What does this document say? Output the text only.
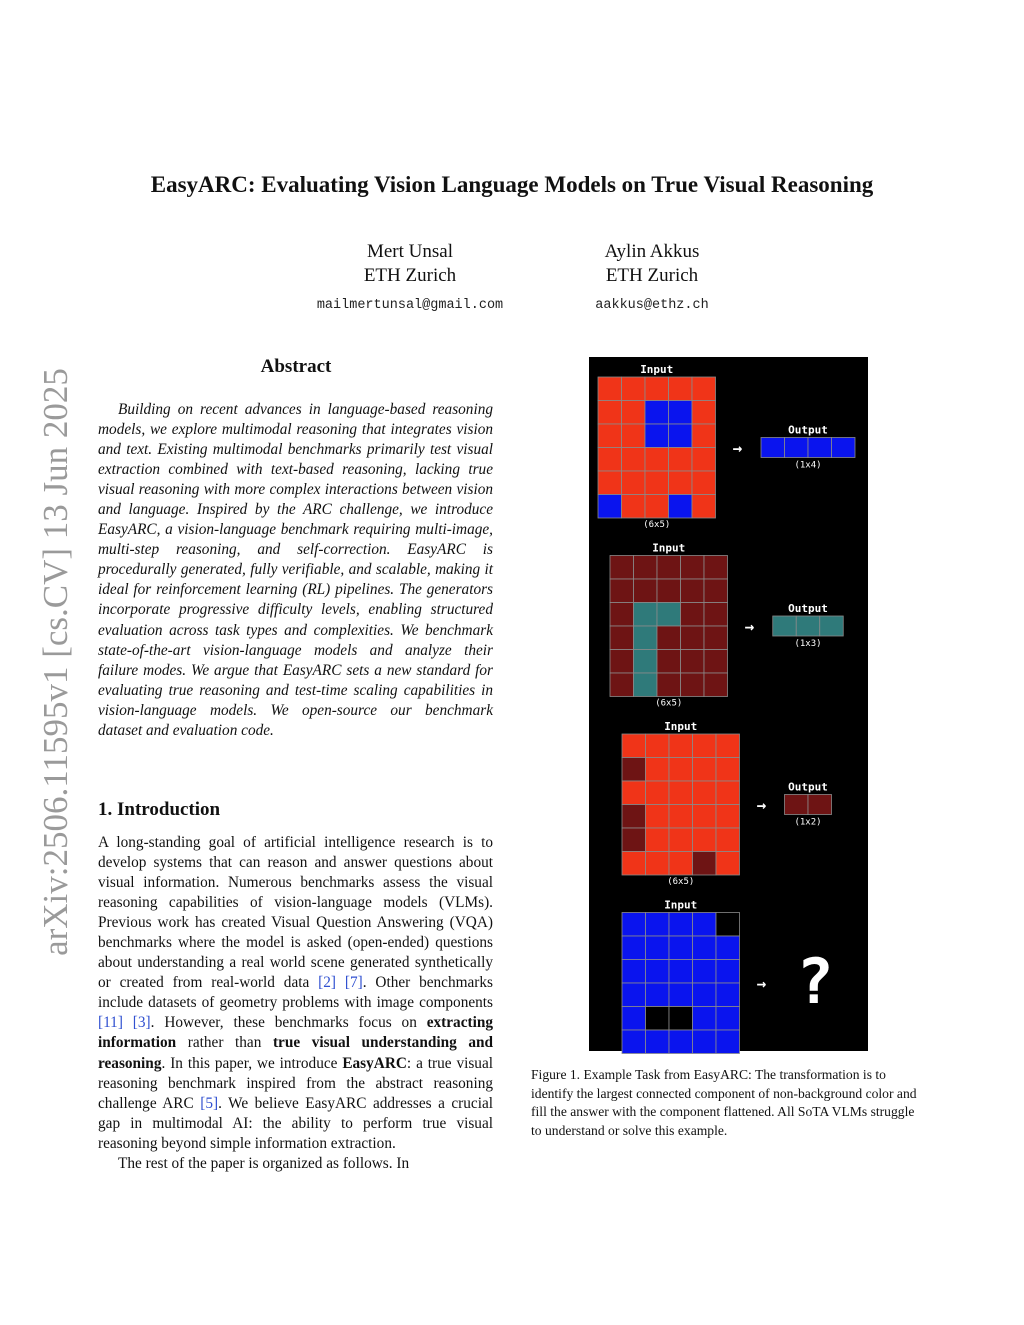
EasyARC: Evaluating Vision Language Models on True Visual Reasoning
Mert Unsal
ETH Zurich
mailmertunsal@gmail.com
Aylin Akkus
ETH Zurich
aakkus@ethz.ch
arXiv:2506.11595v1 [cs.CV] 13 Jun 2025
Abstract
Building on recent advances in language-based reasoning models, we explore multimodal reasoning that integrates vision and text. Existing multimodal benchmarks primarily test visual extraction combined with text-based reasoning, lacking true visual reasoning with more complex interactions between vision and language. Inspired by the ARC challenge, we introduce EasyARC, a vision-language benchmark requiring multi-image, multi-step reasoning, and self-correction. EasyARC is procedurally generated, fully verifiable, and scalable, making it ideal for reinforcement learning (RL) pipelines. The generators incorporate progressive difficulty levels, enabling structured evaluation across task types and complexities. We benchmark state-of-the-art vision-language models and analyze their failure modes. We argue that EasyARC sets a new standard for evaluating true reasoning and test-time scaling capabilities in vision-language models. We open-source our benchmark dataset and evaluation code.
1. Introduction

A long-standing goal of artificial intelligence research is to develop systems that can reason and answer questions about visual information. Numerous benchmarks assess the visual reasoning capabilities of vision-language models (VLMs). Previous work has created Visual Question Answering (VQA) benchmarks where the model is asked (open-ended) questions about understanding a real world scene generated synthetically or created from real-world data [2] [7]. Other benchmarks include datasets of geometry problems with image components [11] [3]. However, these benchmarks focus on extracting information rather than true visual understanding and reasoning. In this paper, we introduce EasyARC: a true visual reasoning benchmark inspired from the abstract reasoning challenge ARC [5]. We believe EasyARC addresses a crucial gap in multimodal AI: the ability to perform true visual reasoning beyond simple information extraction.

The rest of the paper is organized as follows. In

Input
(6x5)
→
Output
(1x4)
Input
(6x5)
→
Output
(1x3)
Input
(6x5)
→
Output
(1x2)
Input
(6x5)
→ ?
Figure 1. Example Task from EasyARC: The transformation is to identify the largest connected component of non-background color and fill the answer with the component flattened. All SoTA VLMs struggle to understand or solve this example.
